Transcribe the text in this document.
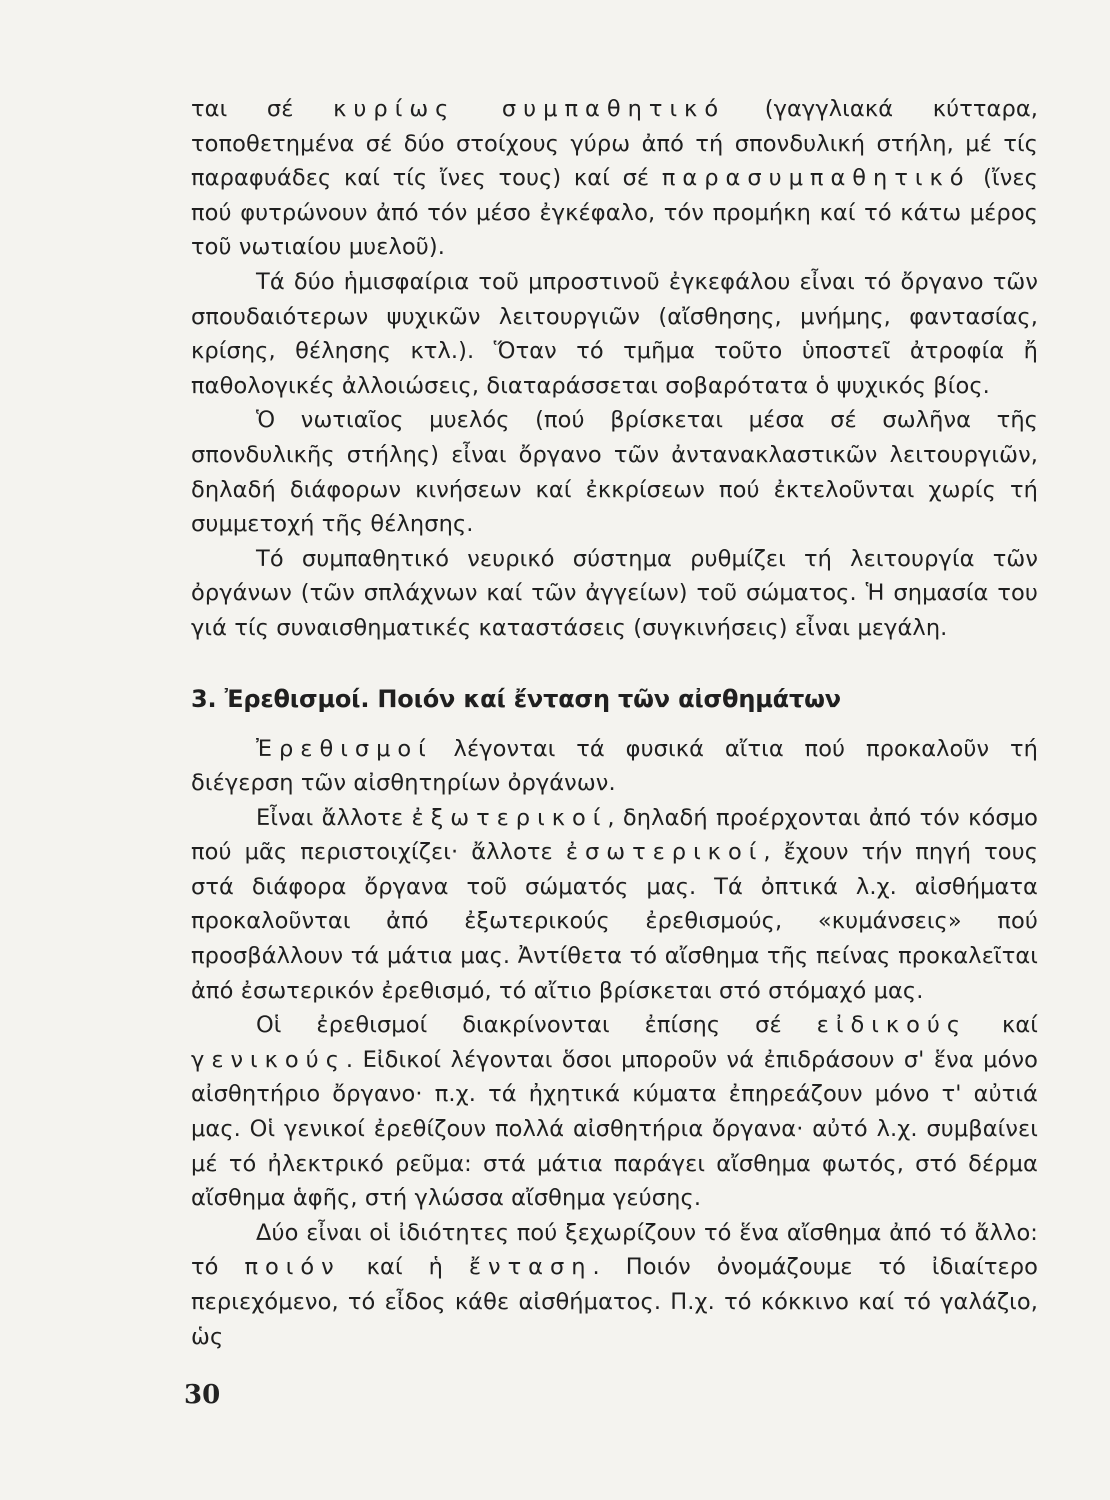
ται σέ κυρίως συμπαθητικό (γαγγλιακά κύτταρα, τοποθετημένα σέ δύο στοίχους γύρω ἀπό τή σπονδυλική στήλη, μέ τίς παραφυάδες καί τίς ἴνες τους) καί σέ παρασυμπαθητικό (ἴνες πού φυτρώνουν ἀπό τόν μέσο ἐγκέφαλο, τόν προμήκη καί τό κάτω μέρος τοῦ νωτιαίου μυελοῦ).

Τά δύο ἡμισφαίρια τοῦ μπροστινοῦ ἐγκεφάλου εἶναι τό ὄργανο τῶν σπουδαιότερων ψυχικῶν λειτουργιῶν (αἴσθησης, μνήμης, φαντασίας, κρίσης, θέλησης κτλ.). Ὅταν τό τμῆμα τοῦτο ὑποστεῖ ἀτροφία ἤ παθολογικές ἀλλοιώσεις, διαταράσσεται σοβαρότατα ὁ ψυχικός βίος.

Ὁ νωτιαῖος μυελός (πού βρίσκεται μέσα σέ σωλῆνα τῆς σπονδυλικῆς στήλης) εἶναι ὄργανο τῶν ἀντανακλαστικῶν λειτουργιῶν, δηλαδή διάφορων κινήσεων καί ἐκκρίσεων πού ἐκτελοῦνται χωρίς τή συμμετοχή τῆς θέλησης.

Τό συμπαθητικό νευρικό σύστημα ρυθμίζει τή λειτουργία τῶν ὀργάνων (τῶν σπλάχνων καί τῶν ἀγγείων) τοῦ σώματος. Ἡ σημασία του γιά τίς συναισθηματικές καταστάσεις (συγκινήσεις) εἶναι μεγάλη.

3. Ἐρεθισμοί. Ποιόν καί ἔνταση τῶν αἰσθημάτων

Ἐρεθισμοί λέγονται τά φυσικά αἴτια πού προκαλοῦν τή διέγερση τῶν αἰσθητηρίων ὀργάνων.

Εἶναι ἄλλοτε ἐξωτερικοί, δηλαδή προέρχονται ἀπό τόν κόσμο πού μᾶς περιστοιχίζει· ἄλλοτε ἐσωτερικοί, ἔχουν τήν πηγή τους στά διάφορα ὄργανα τοῦ σώματός μας. Τά ὀπτικά λ.χ. αἰσθήματα προκαλοῦνται ἀπό ἐξωτερικούς ἐρεθισμούς, «κυμάνσεις» πού προσβάλλουν τά μάτια μας. Ἀντίθετα τό αἴσθημα τῆς πείνας προκαλεῖται ἀπό ἐσωτερικόν ἐρεθισμό, τό αἴτιο βρίσκεται στό στόμαχό μας.

Οἱ ἐρεθισμοί διακρίνονται ἐπίσης σέ εἰδικούς καί γενικούς. Εἰδικοί λέγονται ὅσοι μποροῦν νά ἐπιδράσουν σ' ἕνα μόνο αἰσθητήριο ὄργανο· π.χ. τά ἠχητικά κύματα ἐπηρεάζουν μόνο τ' αὐτιά μας. Οἱ γενικοί ἐρεθίζουν πολλά αἰσθητήρια ὄργανα· αὐτό λ.χ. συμβαίνει μέ τό ἠλεκτρικό ρεῦμα: στά μάτια παράγει αἴσθημα φωτός, στό δέρμα αἴσθημα ἁφῆς, στή γλώσσα αἴσθημα γεύσης.

Δύο εἶναι οἱ ἰδιότητες πού ξεχωρίζουν τό ἕνα αἴσθημα ἀπό τό ἄλλο: τό ποιόν καί ἡ ἔνταση. Ποιόν ὀνομάζουμε τό ἰδιαίτερο περιεχόμενο, τό εἶδος κάθε αἰσθήματος. Π.χ. τό κόκκινο καί τό γαλάζιο, ὡς

30
